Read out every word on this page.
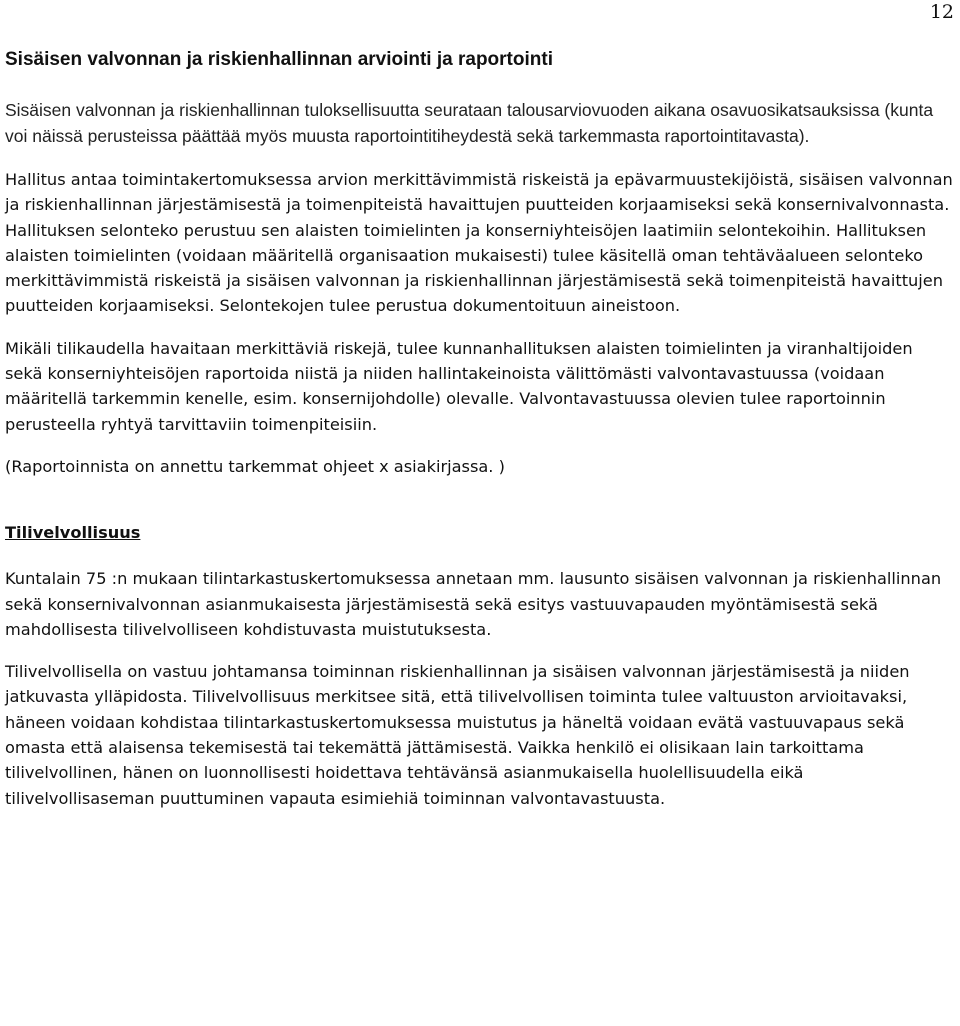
12
Sisäisen valvonnan ja riskienhallinnan arviointi ja raportointi

Sisäisen valvonnan ja riskienhallinnan tuloksellisuutta seurataan talousarviovuoden aikana osavuosikatsauksissa (kunta voi näissä perusteissa päättää myös muusta raportointitiheydestä sekä tarkemmasta raportointitavasta).

Hallitus antaa toimintakertomuksessa arvion merkittävimmistä riskeistä ja epävarmuustekijöistä, sisäisen valvonnan ja riskienhallinnan järjestämisestä ja toimenpiteistä havaittujen puutteiden korjaamiseksi sekä konsernivalvonnasta. Hallituksen selonteko perustuu sen alaisten toimielinten ja konserniyhteisöjen laatimiin selontekoihin. Hallituksen alaisten toimielinten (voidaan määritellä organisaation mukaisesti) tulee käsitellä oman tehtäväalueen selonteko merkittävimmistä riskeistä ja sisäisen valvonnan ja riskienhallinnan järjestämisestä sekä toimenpiteistä havaittujen puutteiden korjaamiseksi. Selontekojen tulee perustua dokumentoituun aineistoon.

Mikäli tilikaudella havaitaan merkittäviä riskejä, tulee kunnanhallituksen alaisten toimielinten ja viranhaltijoiden sekä konserniyhteisöjen raportoida niistä ja niiden hallintakeinoista välittömästi valvontavastuussa (voidaan määritellä tarkemmin kenelle, esim. konsernijohdolle) olevalle. Valvontavastuussa olevien tulee raportoinnin perusteella ryhtyä tarvittaviin toimenpiteisiin.

(Raportoinnista on annettu tarkemmat ohjeet x asiakirjassa. )

Tilivelvollisuus

Kuntalain 75 :n mukaan tilintarkastuskertomuksessa annetaan mm. lausunto sisäisen valvonnan ja riskienhallinnan sekä konsernivalvonnan asianmukaisesta järjestämisestä sekä esitys vastuuvapauden myöntämisestä sekä mahdollisesta tilivelvolliseen kohdistuvasta muistutuksesta.

Tilivelvollisella on vastuu johtamansa toiminnan riskienhallinnan ja sisäisen valvonnan järjestämisestä ja niiden jatkuvasta ylläpidosta. Tilivelvollisuus merkitsee sitä, että tilivelvollisen toiminta tulee valtuuston arvioitavaksi, häneen voidaan kohdistaa tilintarkastuskertomuksessa muistutus ja häneltä voidaan evätä vastuuvapaus sekä omasta että alaisensa tekemisestä tai tekemättä jättämisestä. Vaikka henkilö ei olisikaan lain tarkoittama tilivelvollinen, hänen on luonnollisesti hoidettava tehtävänsä asianmukaisella huolellisuudella eikä tilivelvollisaseman puuttuminen vapauta esimiehiä toiminnan valvontavastuusta.
